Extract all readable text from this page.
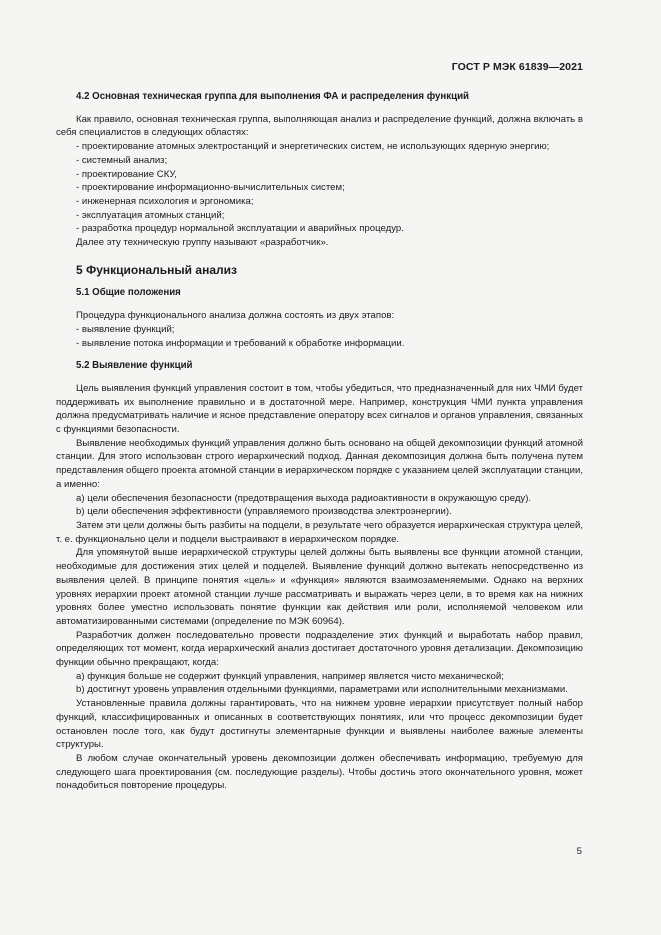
ГОСТ Р МЭК 61839—2021

4.2 Основная техническая группа для выполнения ФА и распределения функций

Как правило, основная техническая группа, выполняющая анализ и распределение функций, должна включать в себя специалистов в следующих областях:

- проектирование атомных электростанций и энергетических систем, не использующих ядерную энергию;

- системный анализ;

- проектирование СКУ,

- проектирование информационно-вычислительных систем;

- инженерная психология и эргономика;

- эксплуатация атомных станций;

- разработка процедур нормальной эксплуатации и аварийных процедур.

Далее эту техническую группу называют «разработчик».

5 Функциональный анализ

5.1 Общие положения

Процедура функционального анализа должна состоять из двух этапов:

- выявление функций;

- выявление потока информации и требований к обработке информации.

5.2 Выявление функций

Цель выявления функций управления состоит в том, чтобы убедиться, что предназначенный для них ЧМИ будет поддерживать их выполнение правильно и в достаточной мере. Например, конструкция ЧМИ пункта управления должна предусматривать наличие и ясное представление оператору всех сигналов и органов управления, связанных с функциями безопасности.

Выявление необходимых функций управления должно быть основано на общей декомпозиции функций атомной станции. Для этого использован строго иерархический подход. Данная декомпозиция должна быть получена путем представления общего проекта атомной станции в иерархическом порядке с указанием целей эксплуатации станции, а именно:

а) цели обеспечения безопасности (предотвращения выхода радиоактивности в окружающую среду).

b) цели обеспечения эффективности (управляемого производства электроэнергии).

Затем эти цели должны быть разбиты на подцели, в результате чего образуется иерархическая структура целей, т. е. функционально цели и подцели выстраивают в иерархическом порядке.

Для упомянутой выше иерархической структуры целей должны быть выявлены все функции атомной станции, необходимые для достижения этих целей и подцелей. Выявление функций должно вытекать непосредственно из выявления целей. В принципе понятия «цель» и «функция» являются взаимозаменяемыми. Однако на верхних уровнях иерархии проект атомной станции лучше рассматривать и выражать через цели, в то время как на нижних уровнях более уместно использовать понятие функции как действия или роли, исполняемой человеком или автоматизированными системами (определение по МЭК 60964).

Разработчик должен последовательно провести подразделение этих функций и выработать набор правил, определяющих тот момент, когда иерархический анализ достигает достаточного уровня детализации. Декомпозицию функции обычно прекращают, когда:

а) функция больше не содержит функций управления, например является чисто механической;

b) достигнут уровень управления отдельными функциями, параметрами или исполнительными механизмами.

Установленные правила должны гарантировать, что на нижнем уровне иерархии присутствует полный набор функций, классифицированных и описанных в соответствующих понятиях, или что процесс декомпозиции будет остановлен после того, как будут достигнуты элементарные функции и выявлены наиболее важные элементы структуры.

В любом случае окончательный уровень декомпозиции должен обеспечивать информацию, требуемую для следующего шага проектирования (см. последующие разделы). Чтобы достичь этого окончательного уровня, может понадобиться повторение процедуры.

5
